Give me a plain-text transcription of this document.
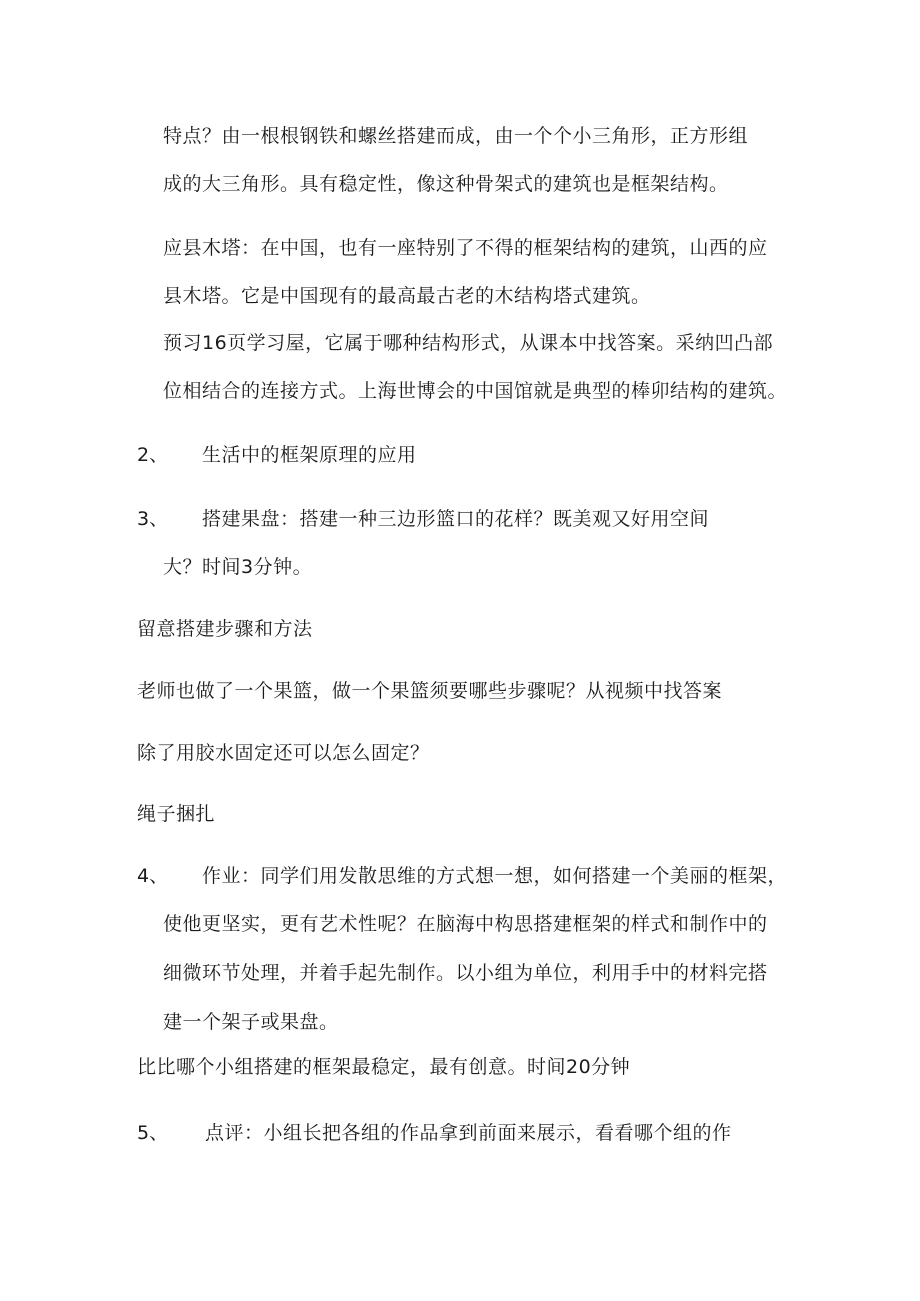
特点？由一根根钢铁和螺丝搭建而成，由一个个小三角形，正方形组
成的大三角形。具有稳定性，像这种骨架式的建筑也是框架结构。
应县木塔：在中国，也有一座特别了不得的框架结构的建筑，山西的应
县木塔。它是中国现有的最高最古老的木结构塔式建筑。
预习16页学习屋，它属于哪种结构形式，从课本中找答案。采纳凹凸部
位相结合的连接方式。上海世博会的中国馆就是典型的棒卯结构的建筑。
2、 生活中的框架原理的应用
3、 搭建果盘：搭建一种三边形篮口的花样？既美观又好用空间
大？时间3分钟。
留意搭建步骤和方法
老师也做了一个果篮，做一个果篮须要哪些步骤呢？从视频中找答案
除了用胶水固定还可以怎么固定？
绳子捆扎
4、 作业：同学们用发散思维的方式想一想，如何搭建一个美丽的框架，
使他更坚实，更有艺术性呢？在脑海中构思搭建框架的样式和制作中的
细微环节处理，并着手起先制作。以小组为单位，利用手中的材料完搭
建一个架子或果盘。
比比哪个小组搭建的框架最稳定，最有创意。时间20分钟
5、 点评：小组长把各组的作品拿到前面来展示，看看哪个组的作
